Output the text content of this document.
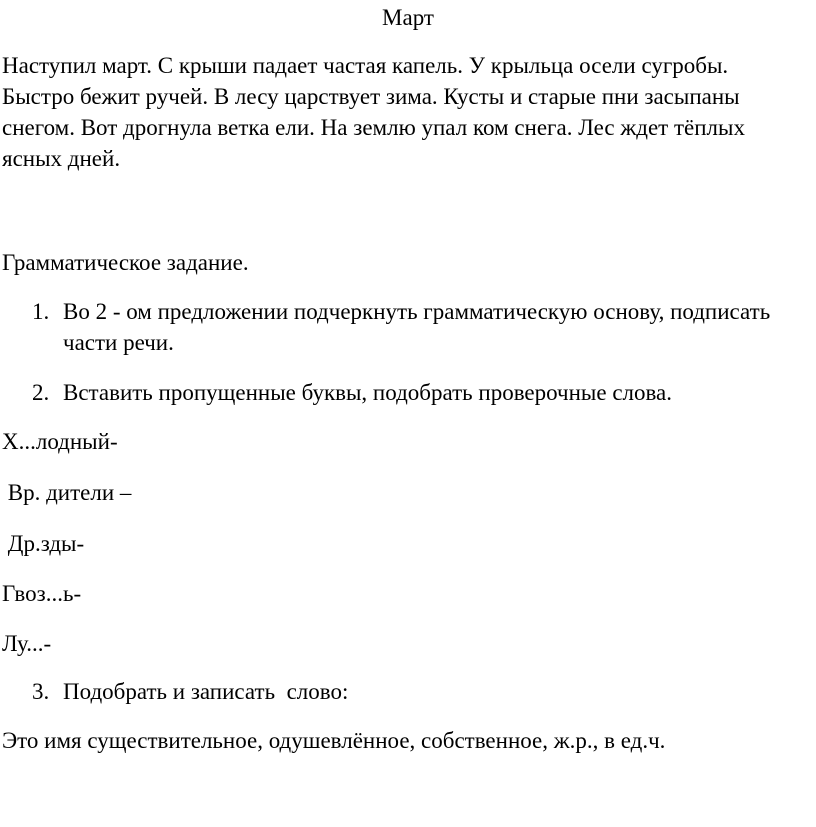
Март
Наступил март. С крыши падает частая капель. У крыльца осели сугробы. Быстро бежит ручей. В лесу царствует зима. Кусты и старые пни засыпаны снегом. Вот дрогнула ветка ели. На землю упал ком снега. Лес ждет тёплых ясных дней.
Грамматическое задание.
1. Во 2 - ом предложении подчеркнуть грамматическую основу, подписать части речи.
2. Вставить пропущенные буквы, подобрать проверочные слова.
Х...лодный-
Вр. дители –
Др.зды-
Гвоз...ь-
Лу...-
3. Подобрать и записать  слово:
Это имя существительное, одушевлённое, собственное, ж.р., в ед.ч.
